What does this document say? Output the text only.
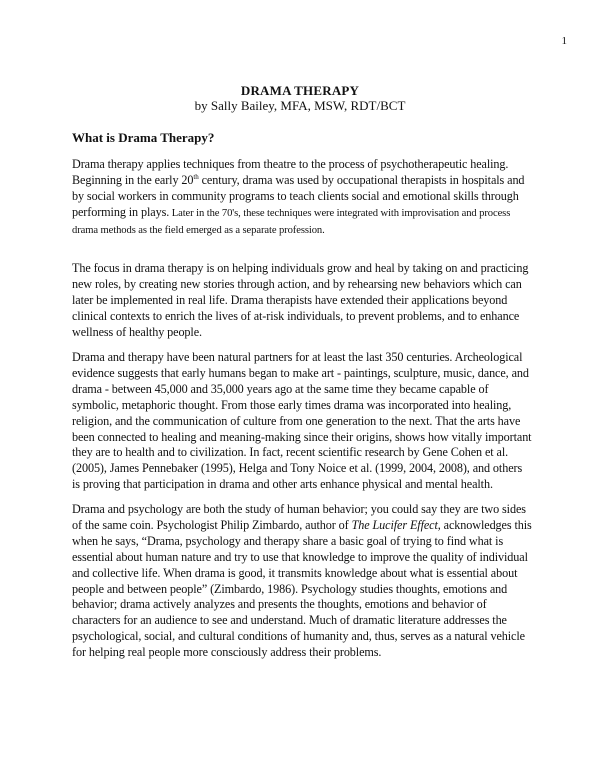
1
DRAMA THERAPY
by Sally Bailey, MFA, MSW, RDT/BCT
What is Drama Therapy?

Drama therapy applies techniques from theatre to the process of psychotherapeutic healing. Beginning in the early 20th century, drama was used by occupational therapists in hospitals and by social workers in community programs to teach clients social and emotional skills through performing in plays. Later in the 70's, these techniques were integrated with improvisation and process drama methods as the field emerged as a separate profession.

The focus in drama therapy is on helping individuals grow and heal by taking on and practicing new roles, by creating new stories through action, and by rehearsing new behaviors which can later be implemented in real life. Drama therapists have extended their applications beyond clinical contexts to enrich the lives of at-risk individuals, to prevent problems, and to enhance wellness of healthy people.

Drama and therapy have been natural partners for at least the last 350 centuries. Archeological evidence suggests that early humans began to make art - paintings, sculpture, music, dance, and drama - between 45,000 and 35,000 years ago at the same time they became capable of symbolic, metaphoric thought. From those early times drama was incorporated into healing, religion, and the communication of culture from one generation to the next. That the arts have been connected to healing and meaning-making since their origins, shows how vitally important they are to health and to civilization. In fact, recent scientific research by Gene Cohen et al. (2005), James Pennebaker (1995), Helga and Tony Noice et al. (1999, 2004, 2008), and others is proving that participation in drama and other arts enhance physical and mental health.

Drama and psychology are both the study of human behavior; you could say they are two sides of the same coin. Psychologist Philip Zimbardo, author of The Lucifer Effect, acknowledges this when he says, “Drama, psychology and therapy share a basic goal of trying to find what is essential about human nature and try to use that knowledge to improve the quality of individual and collective life. When drama is good, it transmits knowledge about what is essential about people and between people” (Zimbardo, 1986). Psychology studies thoughts, emotions and behavior; drama actively analyzes and presents the thoughts, emotions and behavior of characters for an audience to see and understand. Much of dramatic literature addresses the psychological, social, and cultural conditions of humanity and, thus, serves as a natural vehicle for helping real people more consciously address their problems.
